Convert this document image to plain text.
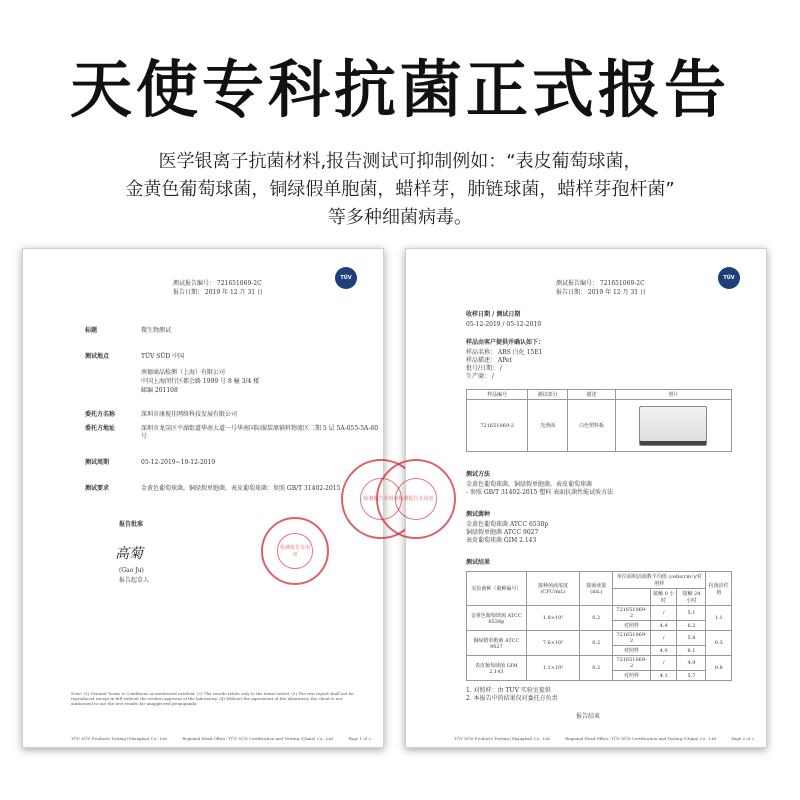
天使专科抗菌正式报告
医学银离子抗菌材料,报告测试可抑制例如：“表皮葡萄球菌，
金黄色葡萄球菌，铜绿假单胞菌，蜡样芽，肺链球菌，蜡样芽孢杆菌”
等多种细菌病毒。
TÜV
测试报告编号： 721651069-2C
报告日期： 2019 年 12 月 31 日
标题	微生物测试
测试地点	TÜV SÜD 中国
南德商品检测（上海）有限公司
中国上海闵行区都会路 1999 号 8 幢 3/4 楼
邮编 201108
委托方名称	深圳市康视佳网络科技发展有限公司
委托方地址	深圳市龙岗区平湖街道华南大道一号华南国际服装原辅料物流区二期 5 层 5A-055-5A-60 号
测试周期	05-12-2019~19-12-2019
测试要求	金黄色葡萄球菌，铜绿假单胞菌，表皮葡萄球菌：参照 GB/T 31402-2015
报告批准
高菊
(Gao Ju)
报告起草人
检测报告专用章
检测报告专用章
Note: (1) General Terms & Conditions as mentioned overleaf. (2) The results relate only to the items tested. (3) The test report shall not be reproduced except in full without the written approval of the laboratory. (4) Without the agreement of the laboratory, the client is not authorized to use the test results for unapproved propaganda.
TÜV SÜD Products Testing (Shanghai) Co., Ltd	Regional Head Office: TÜV SÜD Certification and Testing (China) Co., Ltd	Page 1 of 2
TÜV
测试报告编号： 721651069-2C
报告日期： 2019 年 12 月 31 日
收样日期 / 测试日期
05-12-2019 / 05-12-2019
样品由客户提供并确认如下：
样品名称： ABS 白化 15E1
样品描述： APet
批号/日期： /
生产商： /
样品编号	测试部分	描述	照片
721651069-2	光滑面	白色塑料板	
测试方法
金黄色葡萄球菌，铜绿假单胞菌，表皮葡萄球菌
- 参照 GB/T 31402-2015 塑料 表面抗菌性能试验方法
测试菌种
金黄色葡萄球菌 ATCC 6538p
铜绿假单胞菌 ATCC 9027
表皮葡萄球菌 GIM 2.143
测试结果
实验菌种（菌种编号）	接种菌液浓度 (CFU/mL)	接菌液量 (mL)	单位面积活菌数平均值 (cells/cm²)/对照样			抗菌活性值
				接触 0 小时	接触 24 小时	
金黄色葡萄球菌 ATCC 6538p	1.8×10⁵	0.2	721651069-2	/	5.1	1.1
			对照样	4.4	6.2	
铜绿假单胞菌 ATCC 9027	7.6×10⁵	0.2	721651069-2	/	5.8	0.3
			对照样	4.0	6.1	
表皮葡萄球菌 GIM 2.143	1.1×10⁵	0.2	721651069-2	/	4.9	0.8
			对照样	4.1	5.7	
1. 对照样：由 TUV 实验室提供
2. 本报告中的结果仅对委托方负责
报告结束
检测报告专用章
TÜV SÜD Products Testing (Shanghai) Co., Ltd	Regional Head Office: TÜV SÜD Certification and Testing (China) Co., Ltd	Page 2 of 2
